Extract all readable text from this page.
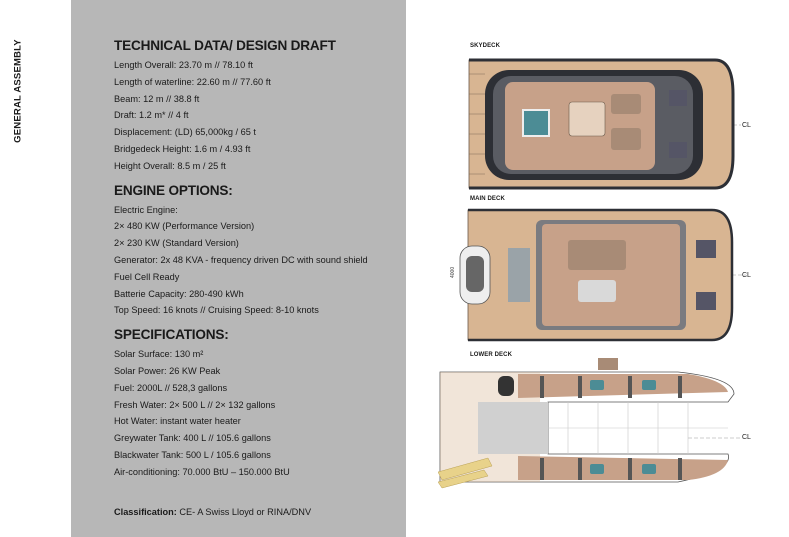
GENERAL ASSEMBLY	TECHNICAL DATA/ DESIGN DRAFT
Length Overall: 23.70 m // 78.10 ft
Length of waterline: 22.60 m // 77.60 ft
Beam: 12 m // 38.8 ft
Draft: 1.2 m* // 4 ft
Displacement: (LD) 65,000kg / 65 t
Bridgedeck Height: 1.6 m / 4.93 ft
Height Overall: 8.5 m / 25 ft
ENGINE OPTIONS:
Electric Engine:
2× 480 KW (Performance Version)
2× 230 KW (Standard Version)
Generator: 2x 48 KVA - frequency driven DC with sound shield
Fuel Cell Ready
Batterie Capacity: 280-490 kWh
Top Speed: 16 knots // Cruising Speed: 8-10 knots
SPECIFICATIONS:
Solar Surface: 130 m²
Solar Power: 26 KW Peak
Fuel: 2000L // 528,3 gallons
Fresh Water: 2× 500 L // 2× 132 gallons
Hot Water: instant water heater
Greywater Tank: 400 L // 105.6 gallons
Blackwater Tank: 500 L / 105.6 gallons
Air-conditioning: 70.000 BtU – 150.000 BtU
Classification: CE- A Swiss Lloyd or RINA/DNV
SKYDECK
MAIN DECK
LOWER DECK
CL
CL
CL
4000
